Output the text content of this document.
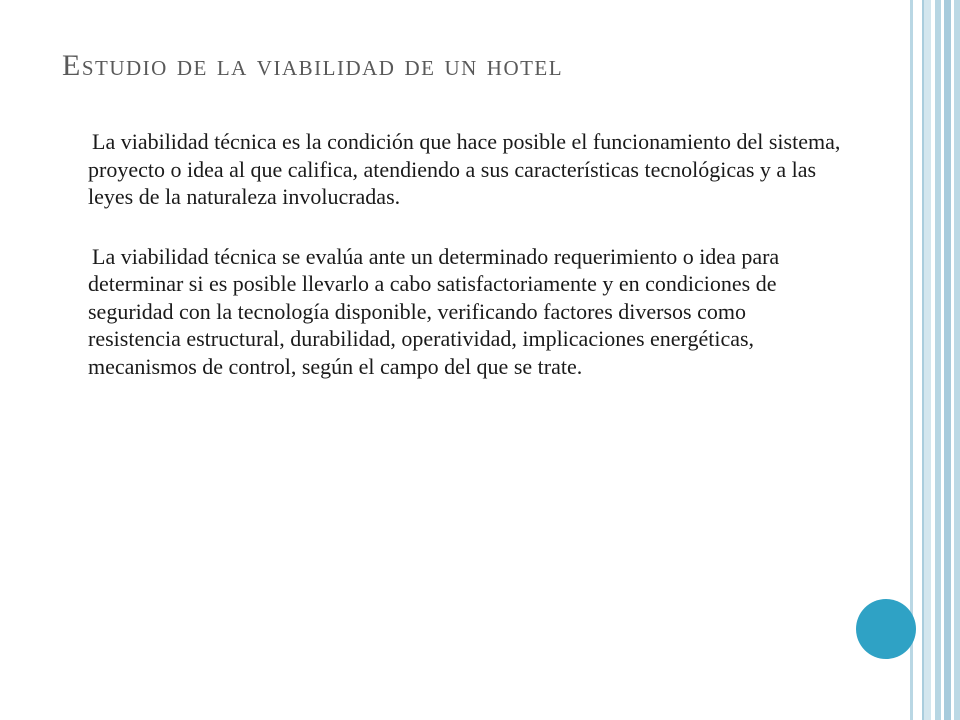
Estudio de la viabilidad de un hotel

La viabilidad técnica es la condición que hace posible el funcionamiento del sistema, proyecto o idea al que califica, atendiendo a sus características tecnológicas y a las leyes de la naturaleza involucradas.

La viabilidad técnica se evalúa ante un determinado requerimiento o idea para determinar si es posible llevarlo a cabo satisfactoriamente y en condiciones de seguridad con la tecnología disponible, verificando factores diversos como resistencia estructural, durabilidad, operatividad, implicaciones energéticas, mecanismos de control, según el campo del que se trate.
